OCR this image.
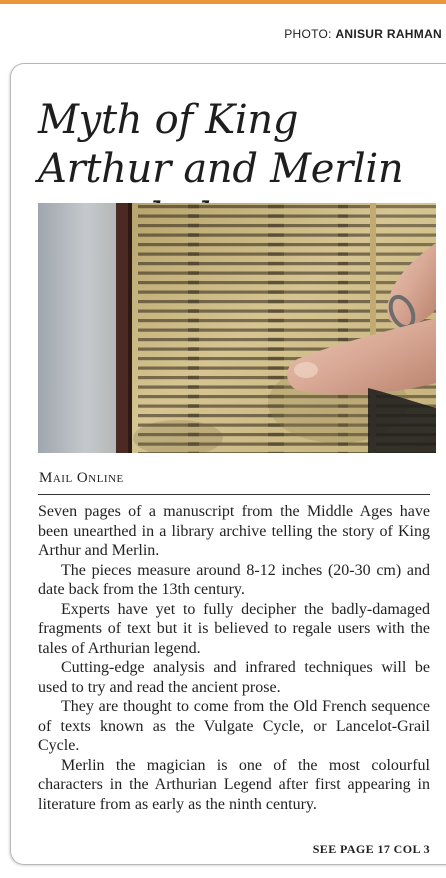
PHOTO: ANISUR RAHMAN
Myth of King Arthur and Merlin
Mail Online

Seven pages of a manuscript from the Middle Ages have been unearthed in a library archive telling the story of King Arthur and Merlin.

The pieces measure around 8-12 inches (20-30 cm) and date back from the 13th century.

Experts have yet to fully decipher the badly-damaged fragments of text but it is believed to regale users with the tales of Arthurian legend.

Cutting-edge analysis and infrared techniques will be used to try and read the ancient prose.

They are thought to come from the Old French sequence of texts known as the Vulgate Cycle, or Lancelot-Grail Cycle.

Merlin the magician is one of the most colourful characters in the Arthurian Legend after first appearing in literature from as early as the ninth century.

SEE PAGE 17 COL 3
